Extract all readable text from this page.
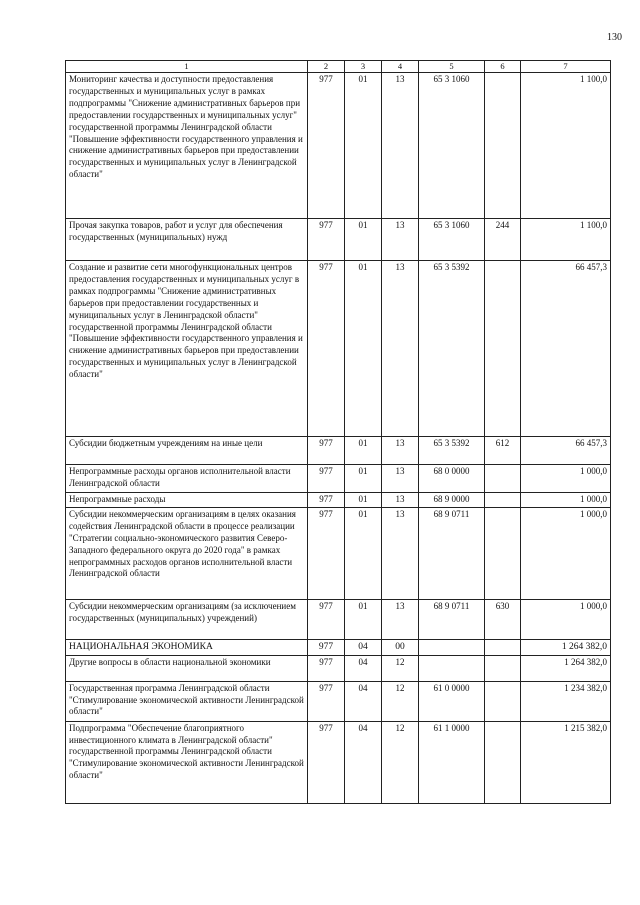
130
1	2	3	4	5	6	7
Мониторинг качества и доступности предоставления государственных и муниципальных услуг в рамках подпрограммы "Снижение административных барьеров при предоставлении государственных и муниципальных услуг" государственной программы Ленинградской области "Повышение эффективности государственного управления и снижение административных барьеров при предоставлении государственных и муниципальных услуг в Ленинградской области"	977	01	13	65 3 1060		1 100,0
Прочая закупка товаров, работ и услуг для обеспечения государственных (муниципальных) нужд	977	01	13	65 3 1060	244	1 100,0
Создание и развитие сети многофункциональных центров предоставления государственных и муниципальных услуг в рамках подпрограммы "Снижение административных барьеров при предоставлении государственных и муниципальных услуг в Ленинградской области" государственной программы Ленинградской области "Повышение эффективности государственного управления и снижение административных барьеров при предоставлении государственных и муниципальных услуг в Ленинградской области"	977	01	13	65 3 5392		66 457,3
Субсидии бюджетным учреждениям на иные цели	977	01	13	65 3 5392	612	66 457,3
Непрограммные расходы органов исполнительной власти Ленинградской области	977	01	13	68 0 0000		1 000,0
Непрограммные расходы	977	01	13	68 9 0000		1 000,0
Субсидии некоммерческим организациям в целях оказания содействия Ленинградской области в процессе реализации "Стратегии социально-экономического развития Северо-Западного федерального округа до 2020 года" в рамках непрограммных расходов органов исполнительной власти Ленинградской области	977	01	13	68 9 0711		1 000,0
Субсидии некоммерческим организациям (за исключением государственных (муниципальных) учреждений)	977	01	13	68 9 0711	630	1 000,0
НАЦИОНАЛЬНАЯ ЭКОНОМИКА	977	04	00			1 264 382,0
Другие вопросы в области национальной экономики	977	04	12			1 264 382,0
Государственная программа Ленинградской области "Стимулирование экономической активности Ленинградской области"	977	04	12	61 0 0000		1 234 382,0
Подпрограмма "Обеспечение благоприятного инвестиционного климата в Ленинградской области" государственной программы Ленинградской области "Стимулирование экономической активности Ленинградской области"	977	04	12	61 1 0000		1 215 382,0
